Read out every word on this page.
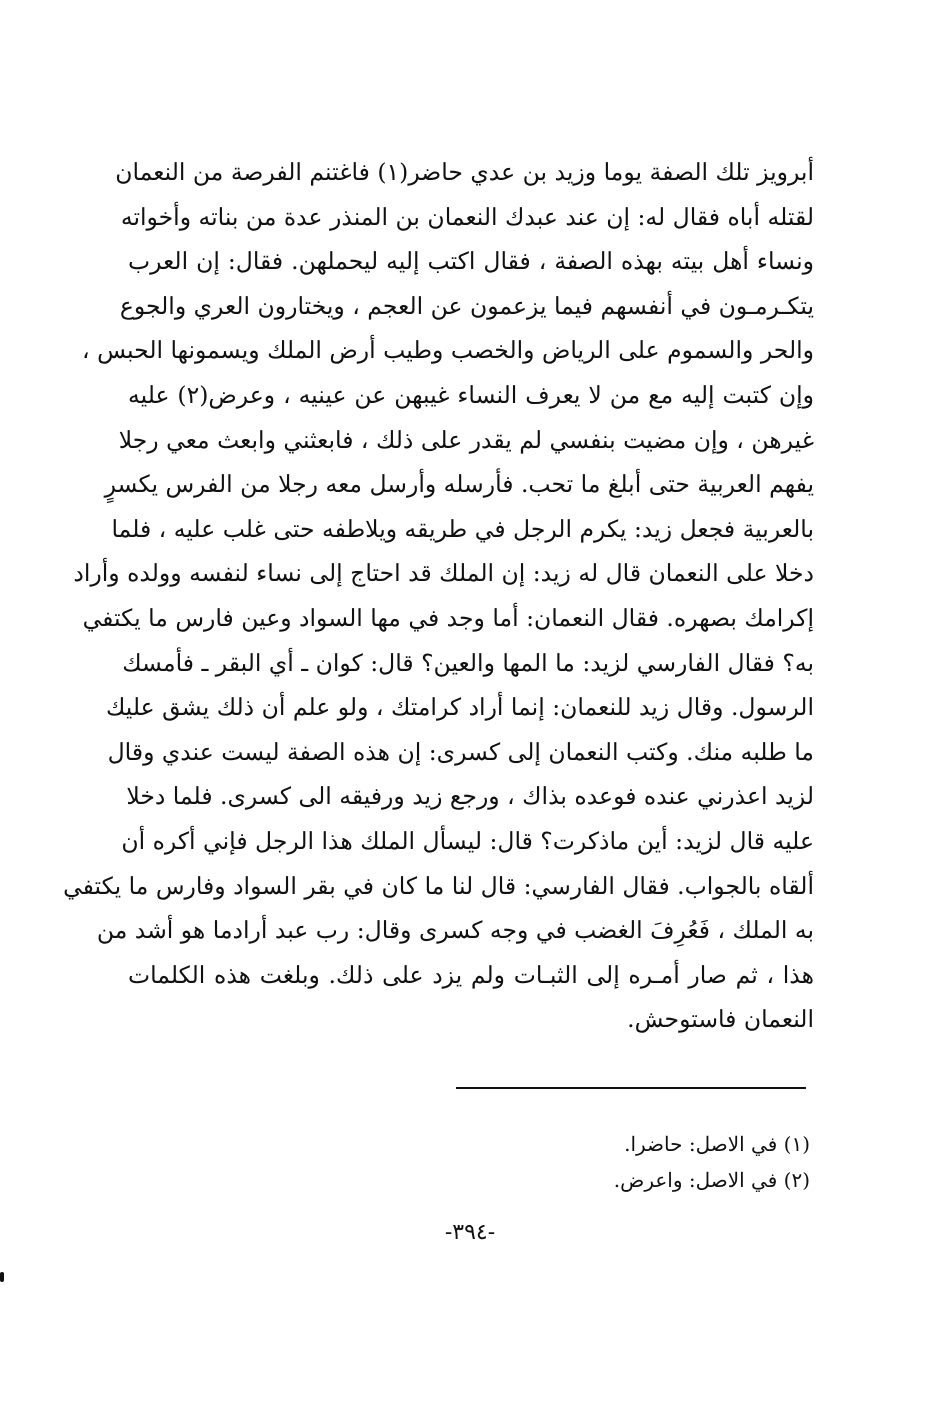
أبرويز تلك الصفة يوما وزيد بن عدي حاضر(١) فاغتنم الفرصة من النعمان
لقتله أباه فقال له: إن عند عبدك النعمان بن المنذر عدة من بناته وأخواته
ونساء أهل بيته بهذه الصفة ، فقال اكتب إليه ليحملهن. فقال: إن العرب
يتكـرمـون في أنفسهم فيما يزعمون عن العجم ، ويختارون العري والجوع
والحر والسموم على الرياض والخصب وطيب أرض الملك ويسمونها الحبس ،
وإن كتبت إليه مع من لا يعرف النساء غيبهن عن عينيه ، وعرض(٢) عليه
غيرهن ، وإن مضيت بنفسي لم يقدر على ذلك ، فابعثني وابعث معي رجلا
يفهم العربية حتى أبلغ ما تحب. فأرسله وأرسل معه رجلا من الفرس يكسرٍ
بالعربية فجعل زيد: يكرم الرجل في طريقه ويلاطفه حتى غلب عليه ، فلما
دخلا على النعمان قال له زيد: إن الملك قد احتاج إلى نساء لنفسه وولده وأراد
إكرامك بصهره. فقال النعمان: أما وجد في مها السواد وعين فارس ما يكتفي
به؟ فقال الفارسي لزيد: ما المها والعين؟ قال: كوان ـ أي البقر ـ فأمسك
الرسول. وقال زيد للنعمان: إنما أراد كرامتك ، ولو علم أن ذلك يشق عليك
ما طلبه منك. وكتب النعمان إلى كسرى: إن هذه الصفة ليست عندي وقال
لزيد اعذرني عنده فوعده بذاك ، ورجع زيد ورفيقه الى كسرى. فلما دخلا
عليه قال لزيد: أين ماذكرت؟ قال: ليسأل الملك هذا الرجل فإني أكره أن
ألقاه بالجواب. فقال الفارسي: قال لنا ما كان في بقر السواد وفارس ما يكتفي
به الملك ، فَعُرِفَ الغضب في وجه كسرى وقال: رب عبد أرادما هو أشد من
هذا ، ثم صار أمـره إلى الثبـات ولم يزد على ذلك. وبلغت هذه الكلمات
النعمان فاستوحش.
(١) في الاصل: حاضرا.
(٢) في الاصل: واعرض.
-٣٩٤-
